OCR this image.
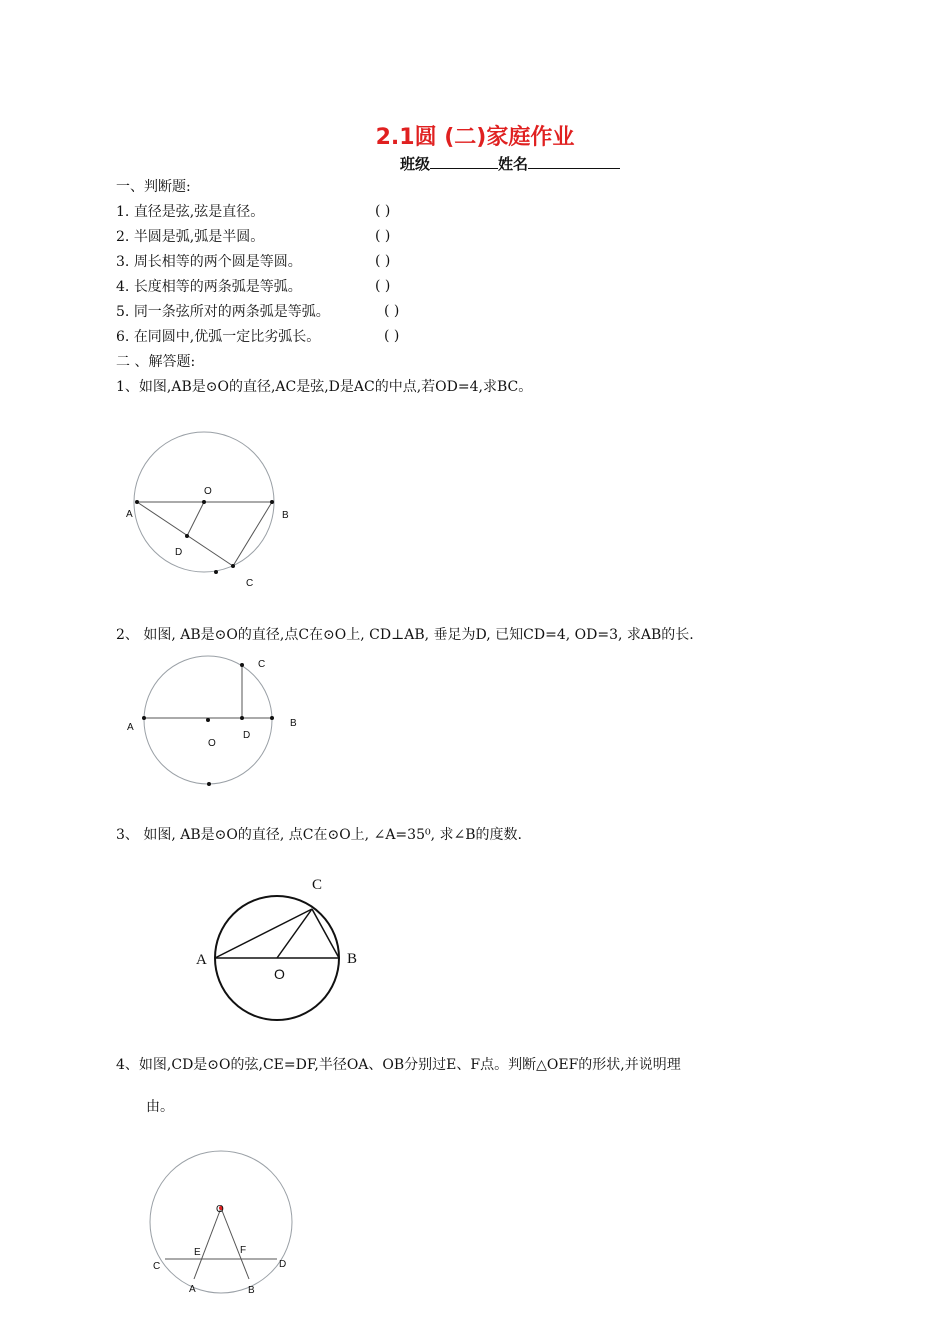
2.1圆 (二)家庭作业
班级	姓名
一、判断题:
1. 直径是弦,弦是直径。	( )
2. 半圆是弧,弧是半圆。	( )
3. 周长相等的两个圆是等圆。	( )
4. 长度相等的两条弧是等弧。	( )
5. 同一条弦所对的两条弧是等弧。	( )
6. 在同圆中,优弧一定比劣弧长。	( )
二 、解答题:
1、如图,AB是⊙O的直径,AC是弦,D是AC的中点,若OD=4,求BC。
2、 如图, AB是⊙O的直径,点C在⊙O上, CD⊥AB, 垂足为D, 已知CD=4, OD=3, 求AB的长.
3、 如图, AB是⊙O的直径, 点C在⊙O上, ∠A=35⁰, 求∠B的度数.
4、如图,CD是⊙O的弦,CE=DF,半径OA、OB分别过E、F点。判断△OEF的形状,并说明理
由。
A	B
O
D
C
A	B
O
D
C
A	B
O
C
O
E	F
C	D
A	B
